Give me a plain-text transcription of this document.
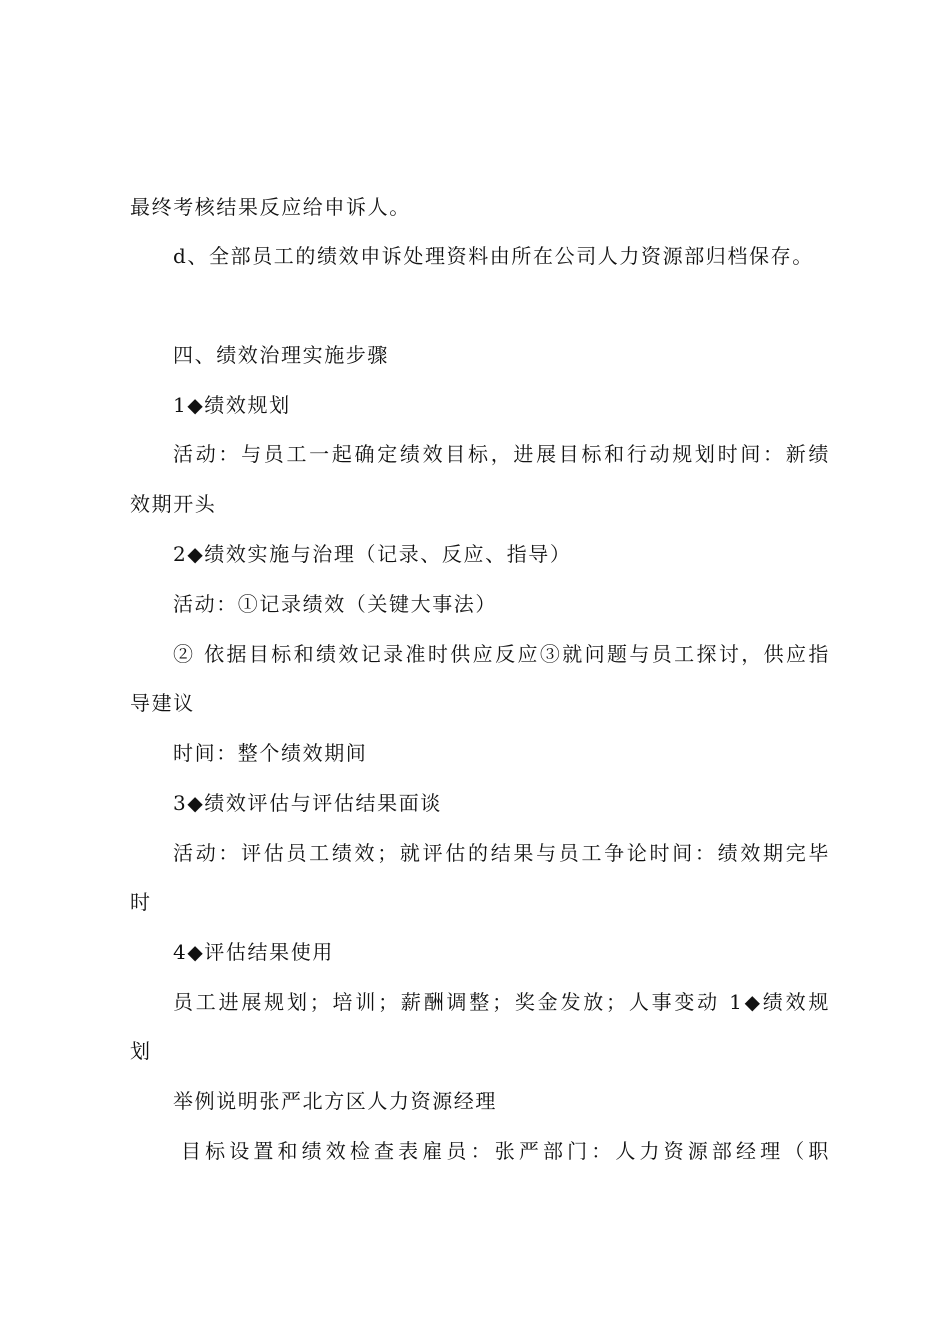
最终考核结果反应给申诉人。
d、全部员工的绩效申诉处理资料由所在公司人力资源部归档保存。
四、绩效治理实施步骤
1◆绩效规划
活动：与员工一起确定绩效目标，进展目标和行动规划时间：新绩
效期开头
2◆绩效实施与治理（记录、反应、指导）
活动：①记录绩效（关键大事法）
② 依据目标和绩效记录准时供应反应③就问题与员工探讨，供应指
导建议
时间：整个绩效期间
3◆绩效评估与评估结果面谈
活动：评估员工绩效；就评估的结果与员工争论时间：绩效期完毕
时
4◆评估结果使用
员工进展规划；培训；薪酬调整；奖金发放；人事变动 1◆绩效规
划
举例说明张严北方区人力资源经理
目标设置和绩效检查表雇员：张严部门：人力资源部经理（职
